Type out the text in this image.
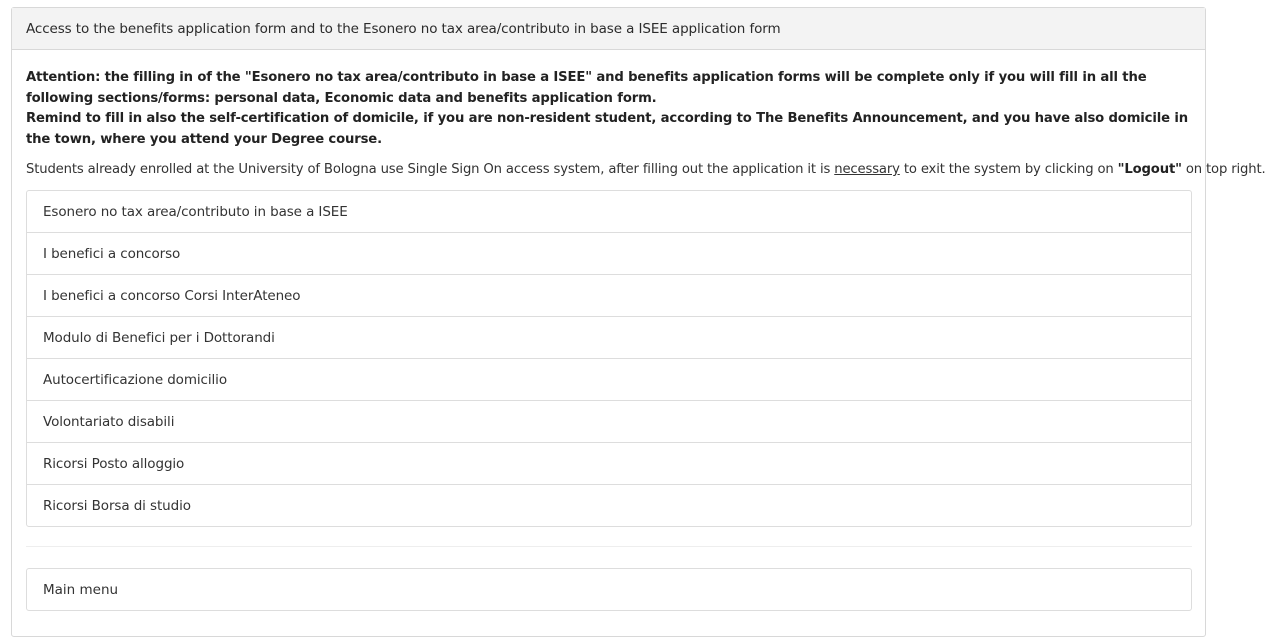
Access to the benefits application form and to the Esonero no tax area/contributo in base a ISEE application form

Attention: the filling in of the "Esonero no tax area/contributo in base a ISEE" and benefits application forms will be complete only if you will fill in all the following sections/forms: personal data, Economic data and benefits application form.

Remind to fill in also the self-certification of domicile, if you are non-resident student, according to The Benefits Announcement, and you have also domicile in the town, where you attend your Degree course.

Students already enrolled at the University of Bologna use Single Sign On access system, after filling out the application it is necessary to exit the system by clicking on "Logout" on top right.
Esonero no tax area/contributo in base a ISEE
I benefici a concorso
I benefici a concorso Corsi InterAteneo
Modulo di Benefici per i Dottorandi
Autocertificazione domicilio
Volontariato disabili
Ricorsi Posto alloggio
Ricorsi Borsa di studio
Main menu
